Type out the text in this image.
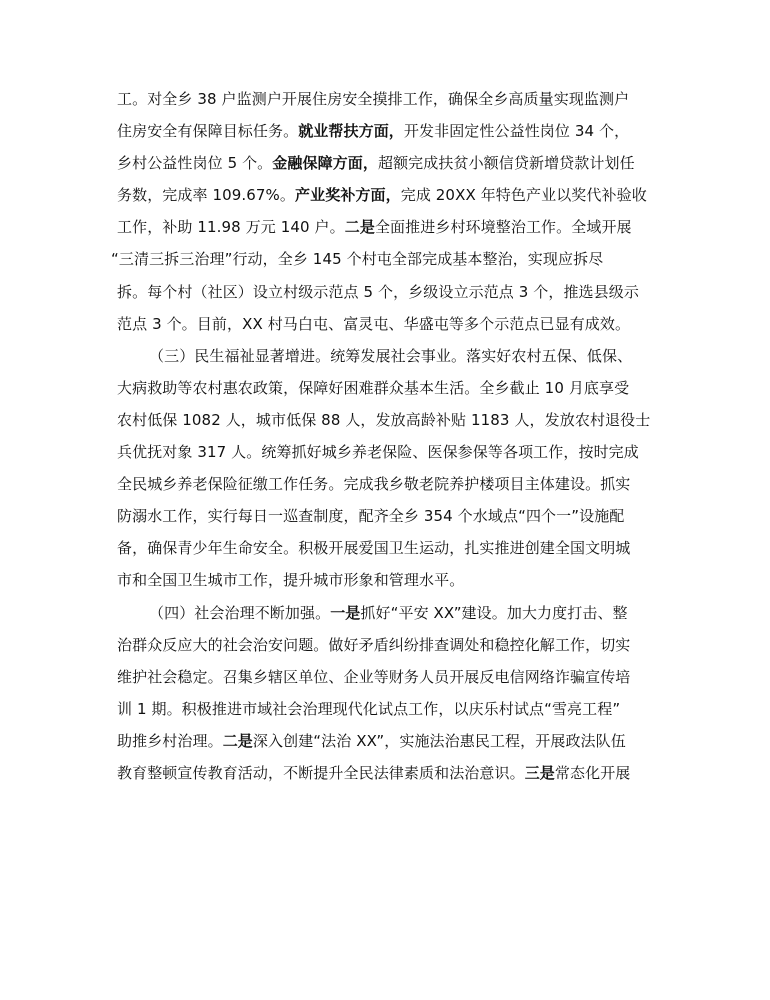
工。对全乡 38 户监测户开展住房安全摸排工作，确保全乡高质量实现监测户
住房安全有保障目标任务。就业帮扶方面，开发非固定性公益性岗位 34 个，
乡村公益性岗位 5 个。金融保障方面，超额完成扶贫小额信贷新增贷款计划任
务数，完成率 109.67%。产业奖补方面，完成 20XX 年特色产业以奖代补验收
工作，补助 11.98 万元 140 户。二是全面推进乡村环境整治工作。全域开展
“三清三拆三治理”行动，全乡 145 个村屯全部完成基本整治，实现应拆尽
拆。每个村（社区）设立村级示范点 5 个，乡级设立示范点 3 个，推选县级示
范点 3 个。目前，XX 村马白屯、富灵屯、华盛屯等多个示范点已显有成效。
（三）民生福祉显著增进。统筹发展社会事业。落实好农村五保、低保、
大病救助等农村惠农政策，保障好困难群众基本生活。全乡截止 10 月底享受
农村低保 1082 人，城市低保 88 人，发放高龄补贴 1183 人，发放农村退役士
兵优抚对象 317 人。统筹抓好城乡养老保险、医保参保等各项工作，按时完成
全民城乡养老保险征缴工作任务。完成我乡敬老院养护楼项目主体建设。抓实
防溺水工作，实行每日一巡查制度，配齐全乡 354 个水域点“四个一”设施配
备，确保青少年生命安全。积极开展爱国卫生运动，扎实推进创建全国文明城
市和全国卫生城市工作，提升城市形象和管理水平。
（四）社会治理不断加强。一是抓好“平安 XX”建设。加大力度打击、整
治群众反应大的社会治安问题。做好矛盾纠纷排查调处和稳控化解工作，切实
维护社会稳定。召集乡辖区单位、企业等财务人员开展反电信网络诈骗宣传培
训 1 期。积极推进市域社会治理现代化试点工作，以庆乐村试点“雪亮工程”
助推乡村治理。二是深入创建“法治 XX”，实施法治惠民工程，开展政法队伍
教育整顿宣传教育活动，不断提升全民法律素质和法治意识。三是常态化开展
